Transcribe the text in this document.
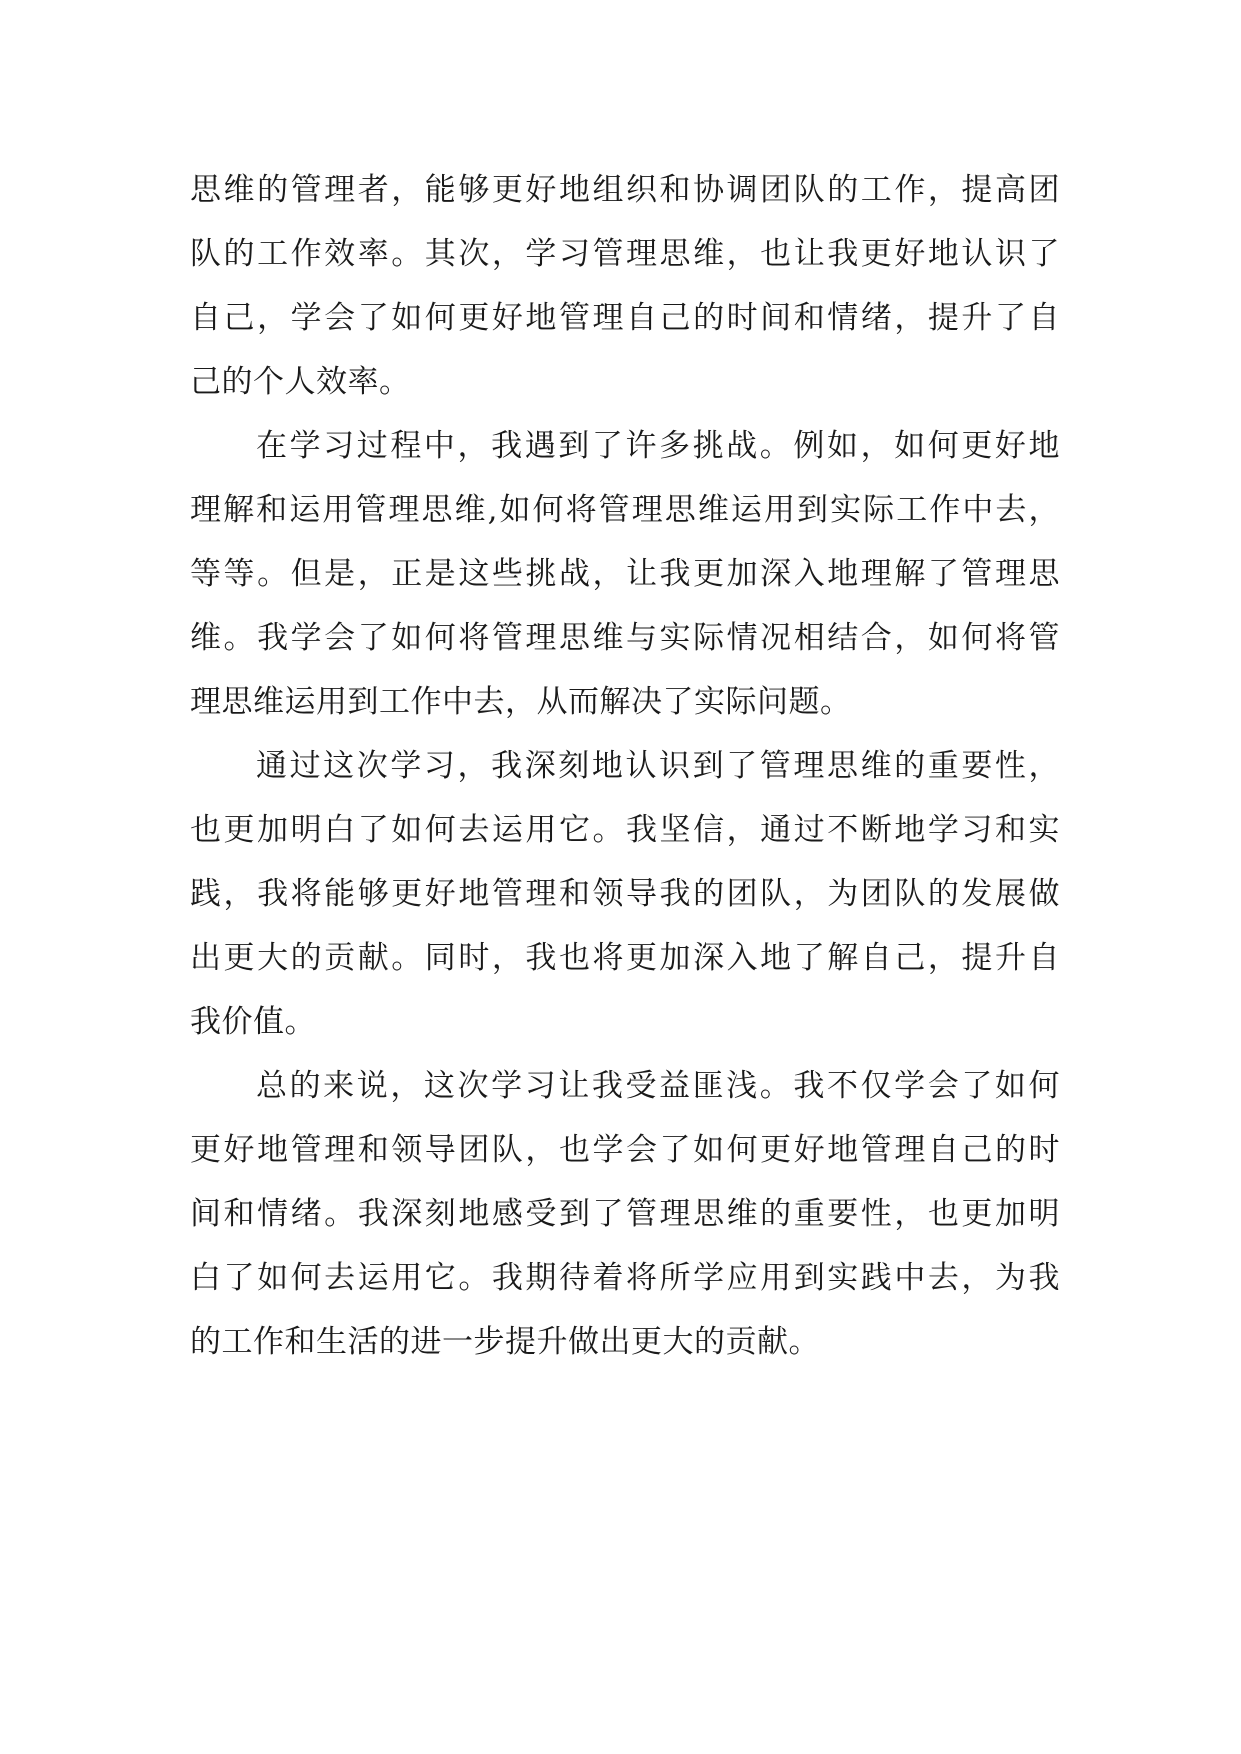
思维的管理者，能够更好地组织和协调团队的工作，提高团
队的工作效率。其次，学习管理思维，也让我更好地认识了
自己，学会了如何更好地管理自己的时间和情绪，提升了自
己的个人效率。
在学习过程中，我遇到了许多挑战。例如，如何更好地
理解和运用管理思维,如何将管理思维运用到实际工作中去，
等等。但是，正是这些挑战，让我更加深入地理解了管理思
维。我学会了如何将管理思维与实际情况相结合，如何将管
理思维运用到工作中去，从而解决了实际问题。
通过这次学习，我深刻地认识到了管理思维的重要性，
也更加明白了如何去运用它。我坚信，通过不断地学习和实
践，我将能够更好地管理和领导我的团队，为团队的发展做
出更大的贡献。同时，我也将更加深入地了解自己，提升自
我价值。
总的来说，这次学习让我受益匪浅。我不仅学会了如何
更好地管理和领导团队，也学会了如何更好地管理自己的时
间和情绪。我深刻地感受到了管理思维的重要性，也更加明
白了如何去运用它。我期待着将所学应用到实践中去，为我
的工作和生活的进一步提升做出更大的贡献。
